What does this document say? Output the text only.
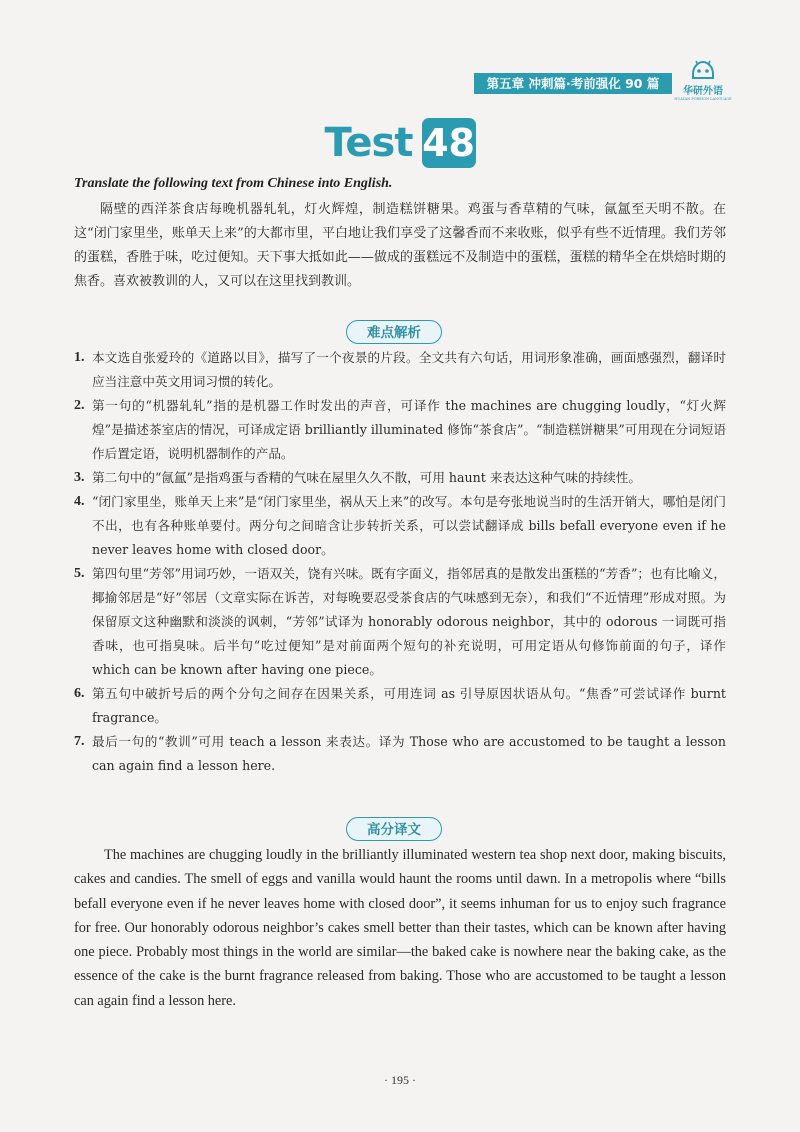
第五章 冲刺篇·考前强化 90 篇
华研外语
HUAYAN FOREIGN LANGUAGE
Test 48
Translate the following text from Chinese into English.

隔壁的西洋茶食店每晚机器轧轧，灯火辉煌，制造糕饼糖果。鸡蛋与香草精的气味，氤氲至天明不散。在这“闭门家里坐，账单天上来”的大都市里，平白地让我们享受了这馨香而不来收账，似乎有些不近情理。我们芳邻的蛋糕，香胜于味，吃过便知。天下事大抵如此——做成的蛋糕远不及制造中的蛋糕，蛋糕的精华全在烘焙时期的焦香。喜欢被教训的人，又可以在这里找到教训。

难点解析
1. 本文选自张爱玲的《道路以目》，描写了一个夜景的片段。全文共有六句话，用词形象准确，画面感强烈，翻译时应当注意中英文用词习惯的转化。
2. 第一句的“机器轧轧”指的是机器工作时发出的声音，可译作 the machines are chugging loudly，“灯火辉煌”是描述茶室店的情况，可译成定语 brilliantly illuminated 修饰“茶食店”。“制造糕饼糖果”可用现在分词短语作后置定语，说明机器制作的产品。
3. 第二句中的“氤氲”是指鸡蛋与香精的气味在屋里久久不散，可用 haunt 来表达这种气味的持续性。
4. “闭门家里坐，账单天上来”是“闭门家里坐，祸从天上来”的改写。本句是夸张地说当时的生活开销大，哪怕是闭门不出，也有各种账单要付。两分句之间暗含让步转折关系，可以尝试翻译成 bills befall everyone even if he never leaves home with closed door。
5. 第四句里“芳邻”用词巧妙，一语双关，饶有兴味。既有字面义，指邻居真的是散发出蛋糕的“芳香”；也有比喻义，揶揄邻居是“好”邻居（文章实际在诉苦，对每晚要忍受茶食店的气味感到无奈），和我们“不近情理”形成对照。为保留原文这种幽默和淡淡的讽刺，“芳邻”试译为 honorably odorous neighbor，其中的 odorous 一词既可指香味，也可指臭味。后半句“吃过便知”是对前面两个短句的补充说明，可用定语从句修饰前面的句子，译作 which can be known after having one piece。
6. 第五句中破折号后的两个分句之间存在因果关系，可用连词 as 引导原因状语从句。“焦香”可尝试译作 burnt fragrance。
7. 最后一句的“教训”可用 teach a lesson 来表达。译为 Those who are accustomed to be taught a lesson can again find a lesson here.
高分译文

The machines are chugging loudly in the brilliantly illuminated western tea shop next door, making biscuits, cakes and candies. The smell of eggs and vanilla would haunt the rooms until dawn. In a metropolis where “bills befall everyone even if he never leaves home with closed door”, it seems inhuman for us to enjoy such fragrance for free. Our honorably odorous neighbor’s cakes smell better than their tastes, which can be known after having one piece. Probably most things in the world are similar—the baked cake is nowhere near the baking cake, as the essence of the cake is the burnt fragrance released from baking. Those who are accustomed to be taught a lesson can again find a lesson here.

· 195 ·
